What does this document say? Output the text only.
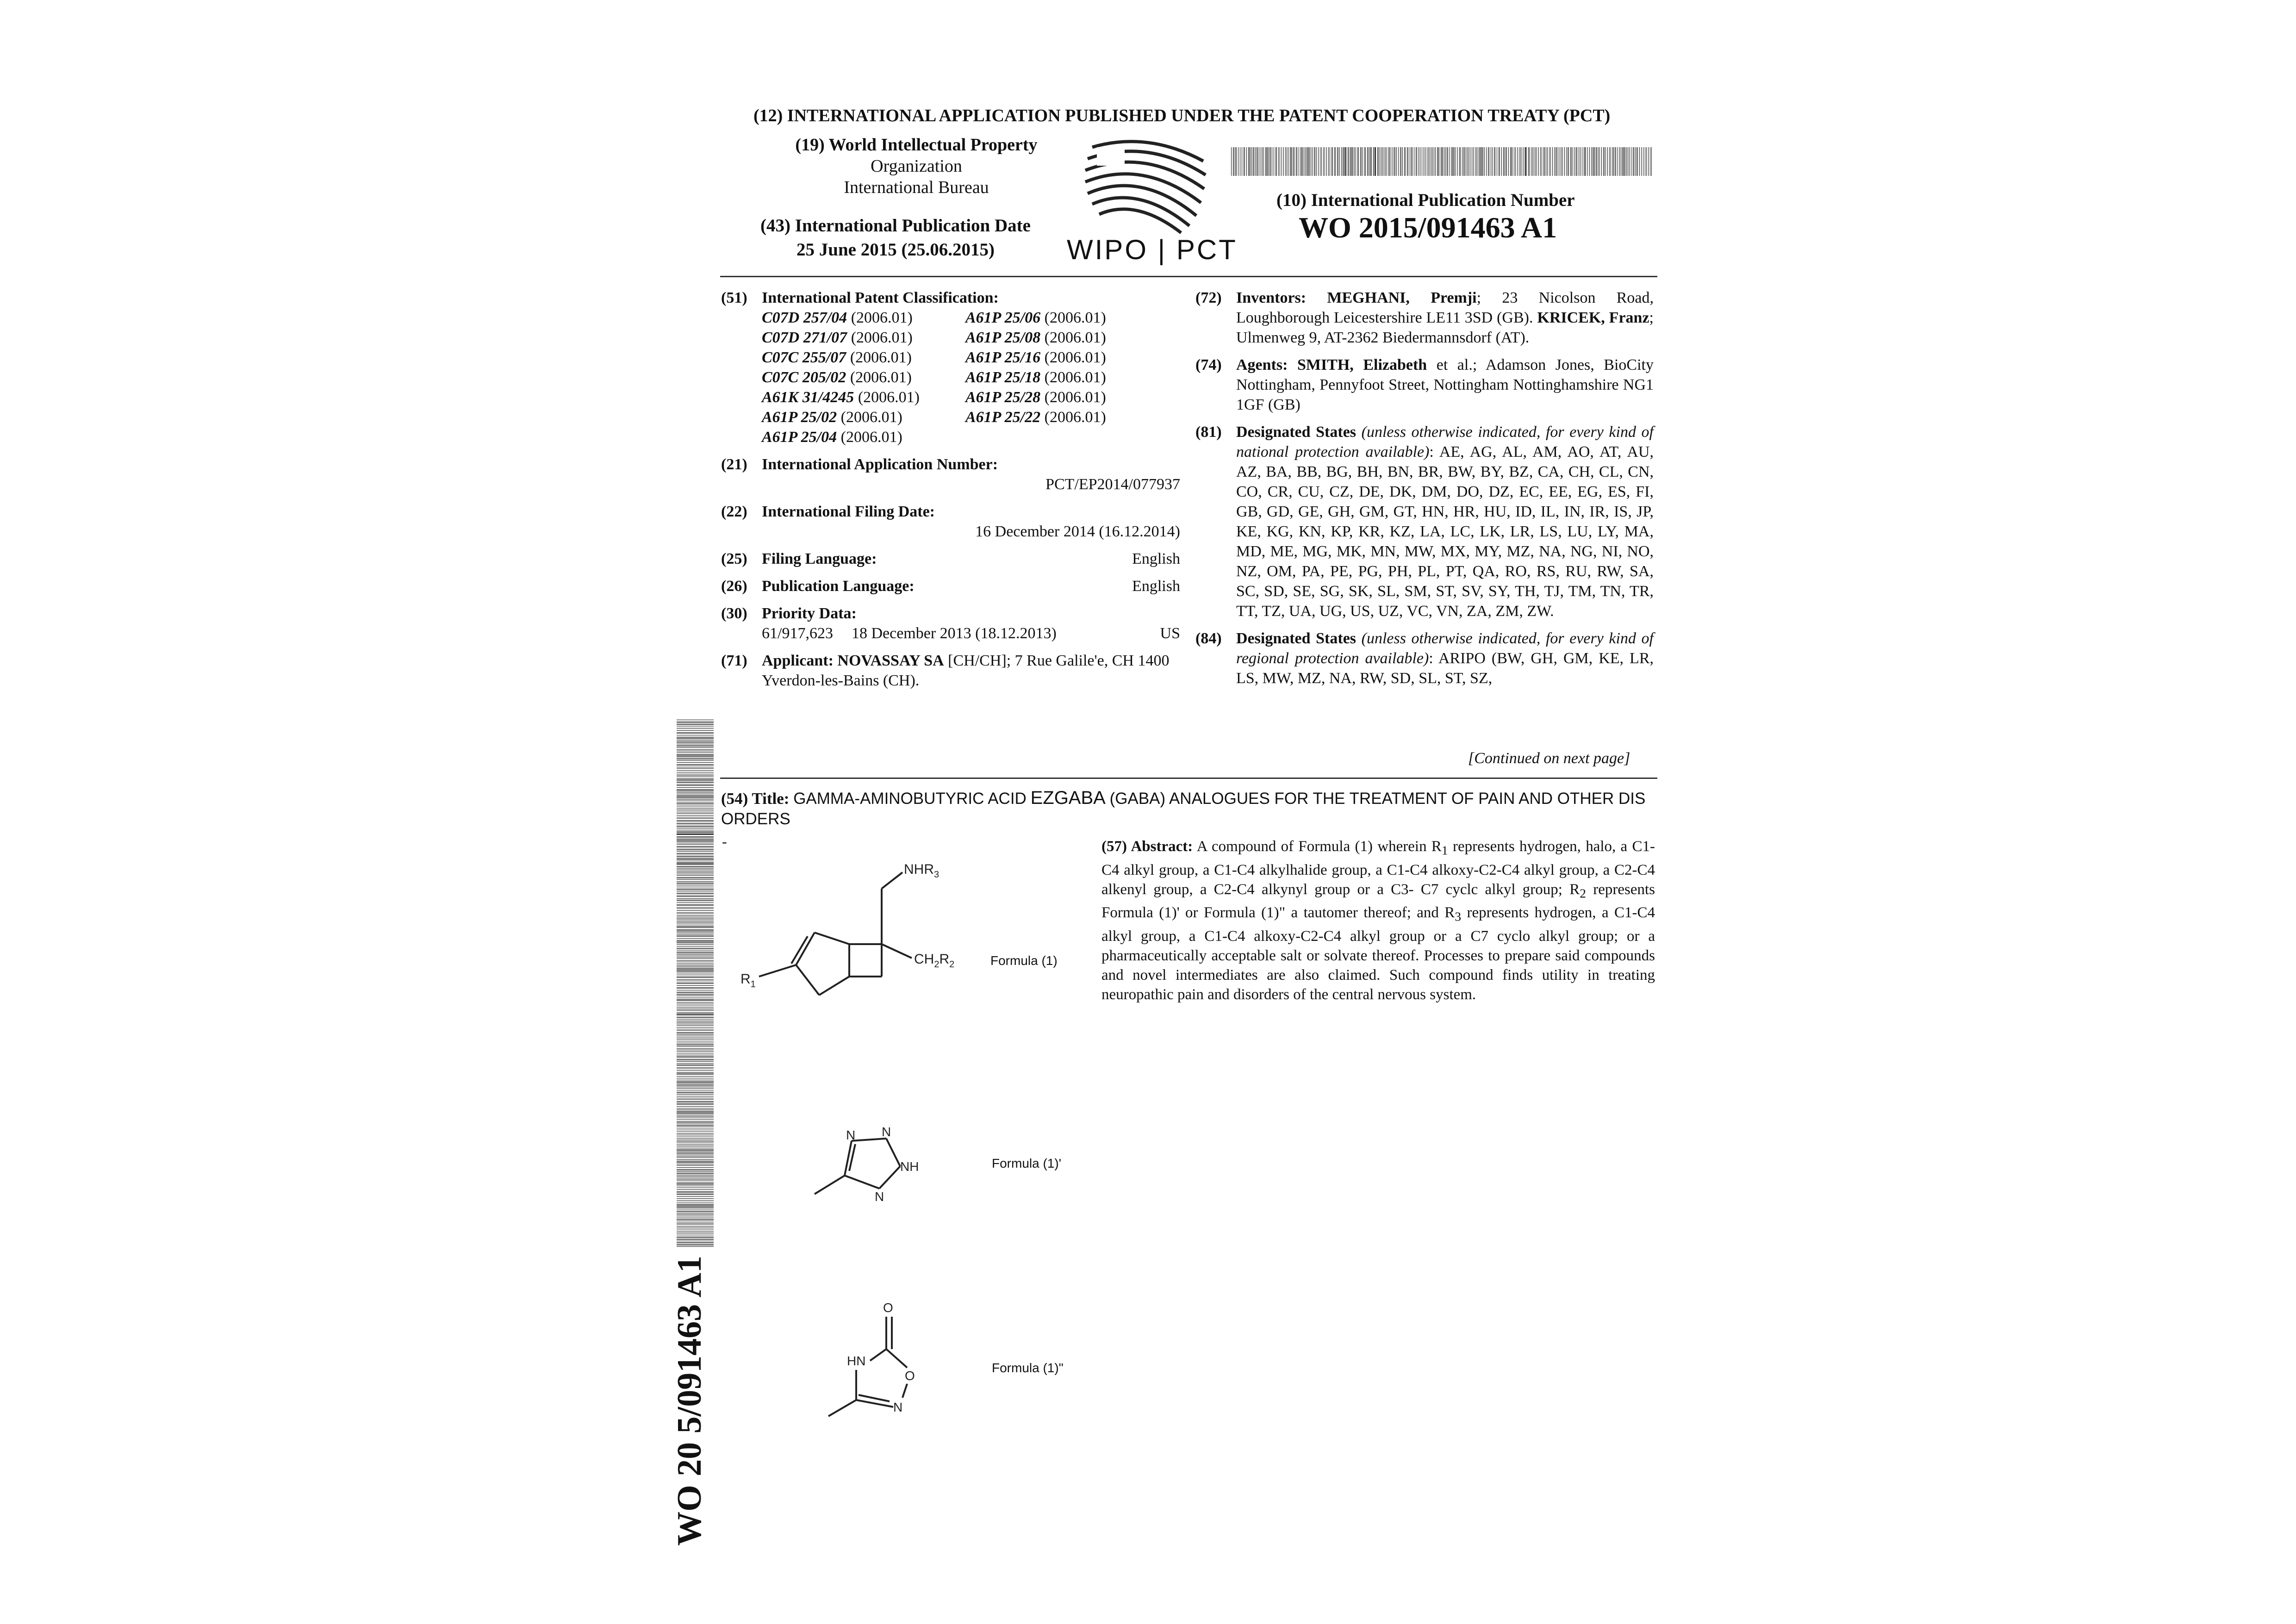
(12) INTERNATIONAL APPLICATION PUBLISHED UNDER THE PATENT COOPERATION TREATY (PCT)
(19) World Intellectual Property
Organization
International Bureau
(43) International Publication Date
25 June 2015 (25.06.2015)	WIPO | PCT
(10) International Publication Number
WO 2015/091463 A1
(51) International Patent Classification:
C07D 257/04 (2006.01)	A61P 25/06 (2006.01)
C07D 271/07 (2006.01)	A61P 25/08 (2006.01)
C07C 255/07 (2006.01)	A61P 25/16 (2006.01)
C07C 205/02 (2006.01)	A61P 25/18 (2006.01)
A61K 31/4245 (2006.01)	A61P 25/28 (2006.01)
A61P 25/02 (2006.01)	A61P 25/22 (2006.01)
A61P 25/04 (2006.01)
(21) International Application Number:
PCT/EP2014/077937
(22) International Filing Date:
16 December 2014 (16.12.2014)
(25) Filing Language:	English
(26) Publication Language:	English
(30) Priority Data:
61/917,623 18 December 2013 (18.12.2013)	US
(71) Applicant: NOVASSAY SA [CH/CH]; 7 Rue Galile'e, CH 1400 Yverdon-les-Bains (CH).
(72) Inventors: MEGHANI, Premji; 23 Nicolson Road, Loughborough Leicestershire LE11 3SD (GB). KRICEK, Franz; Ulmenweg 9, AT-2362 Biedermannsdorf (AT).
(74) Agents: SMITH, Elizabeth et al.; Adamson Jones, BioCity Nottingham, Pennyfoot Street, Nottingham Nottinghamshire NG1 1GF (GB)
(81) Designated States (unless otherwise indicated, for every kind of national protection available): AE, AG, AL, AM, AO, AT, AU, AZ, BA, BB, BG, BH, BN, BR, BW, BY, BZ, CA, CH, CL, CN, CO, CR, CU, CZ, DE, DK, DM, DO, DZ, EC, EE, EG, ES, FI, GB, GD, GE, GH, GM, GT, HN, HR, HU, ID, IL, IN, IR, IS, JP, KE, KG, KN, KP, KR, KZ, LA, LC, LK, LR, LS, LU, LY, MA, MD, ME, MG, MK, MN, MW, MX, MY, MZ, NA, NG, NI, NO, NZ, OM, PA, PE, PG, PH, PL, PT, QA, RO, RS, RU, RW, SA, SC, SD, SE, SG, SK, SL, SM, ST, SV, SY, TH, TJ, TM, TN, TR, TT, TZ, UA, UG, US, UZ, VC, VN, ZA, ZM, ZW.
(84) Designated States (unless otherwise indicated, for every kind of regional protection available): ARIPO (BW, GH, GM, KE, LR, LS, MW, MZ, NA, RW, SD, SL, ST, SZ,
[Continued on next page]
(54) Title: GAMMA-AMINOBUTYRIC ACID EZGABA (GABA) ANALOGUES FOR THE TREATMENT OF PAIN AND OTHER DIS
ORDERS
-	(57) Abstract: A compound of Formula (1) wherein $R_1$ represents hydrogen, halo, a C1-C4 alkyl group, a C1-C4 alkylhalide group, a C1-C4 alkoxy-C2-C4 alkyl group, a C2-C4 alkenyl group, a C2-C4 alkynyl group or a C3- C7 cyclc alkyl group; $R_2$ represents Formula (1)' or Formula (1)" a tautomer thereof; and $R_3$ represents hydrogen, a C1-C4 alkyl group, a C1-C4 alkoxy-C2-C4 alkyl group or a C7 cyclo alkyl group; or a pharmaceutically acceptable salt or solvate thereof. Processes to prepare said compounds and novel intermediates are also claimed. Such compound finds utility in treating neuropathic pain and disorders of the central nervous system.
$NHR_3$
$CH_2R_2$
$R_1$
Formula (1)
N N
NH
N
Formula (1)'
O
HN
O
N
Formula (1)"
WO 20 5/091463 A1
